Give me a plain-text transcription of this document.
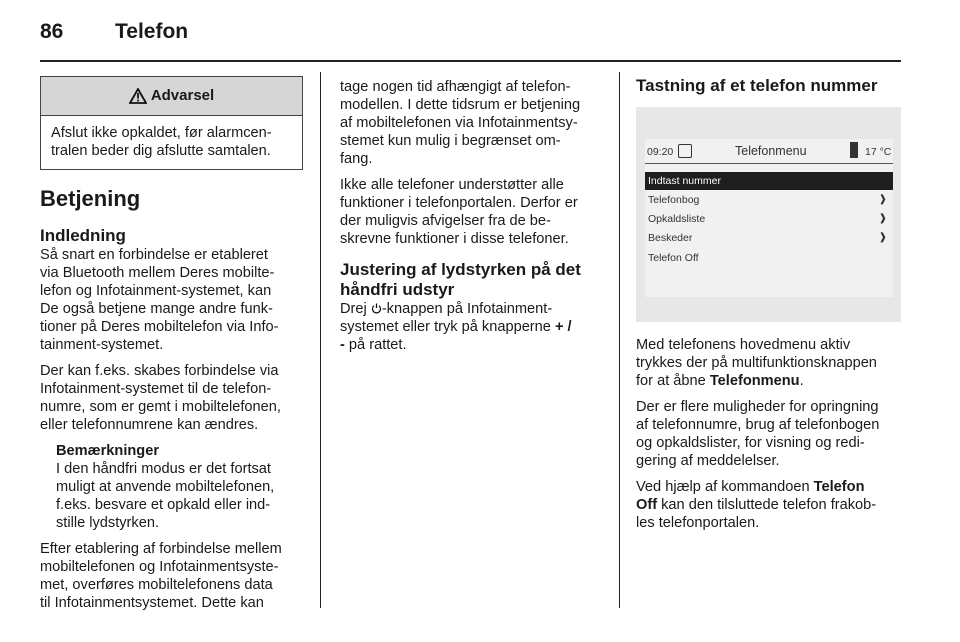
86 Telefon
Advarsel
Afslut ikke opkaldet, før alarmcen-
tralen beder dig afslutte samtalen.
Betjening
Indledning

Så snart en forbindelse er etableret
via Bluetooth mellem Deres mobilte-
lefon og Infotainment-systemet, kan
De også betjene mange andre funk-
tioner på Deres mobiltelefon via Info-
tainment-systemet.

Der kan f.eks. skabes forbindelse via
Infotainment-systemet til de telefon-
numre, som er gemt i mobiltelefonen,
eller telefonnumrene kan ændres.

Bemærkninger
I den håndfri modus er det fortsat
muligt at anvende mobiltelefonen,
f.eks. besvare et opkald eller ind-
stille lydstyrken.

Efter etablering af forbindelse mellem
mobiltelefonen og Infotainmentsyste-
met, overføres mobiltelefonens data
til Infotainmentsystemet. Dette kan

tage nogen tid afhængigt af telefon-
modellen. I dette tidsrum er betjening
af mobiltelefonen via Infotainmentsy-
stemet kun mulig i begrænset om-
fang.

Ikke alle telefoner understøtter alle
funktioner i telefonportalen. Derfor er
der muligvis afvigelser fra de be-
skrevne funktioner i disse telefoner.

Justering af lydstyrken på det
håndfri udstyr

Drej -knappen på Infotainment-
systemet eller tryk på knapperne + /
- på rattet.

Tastning af et telefon nummer
09:20	Telefonmenu	17 °C
Indtast nummer
Telefonbog	❱
Opkaldsliste	❱
Beskeder	❱
Telefon Off

Med telefonens hovedmenu aktiv
trykkes der på multifunktionsknappen
for at åbne Telefonmenu.

Der er flere muligheder for opringning
af telefonnumre, brug af telefonbogen
og opkaldslister, for visning og redi-
gering af meddelelser.

Ved hjælp af kommandoen Telefon
Off kan den tilsluttede telefon frakob-
les telefonportalen.
